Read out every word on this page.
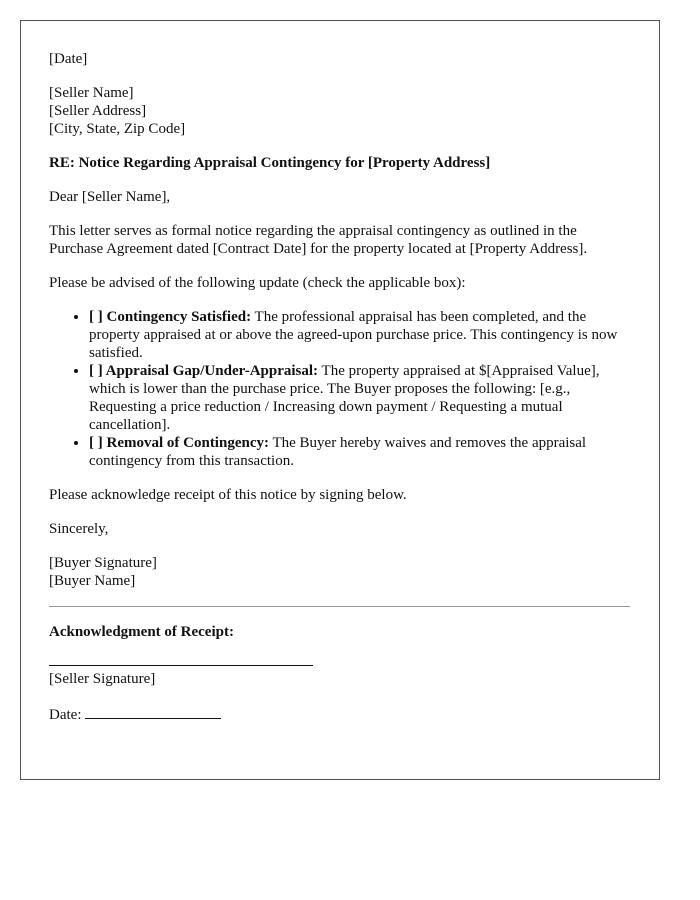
[Date]

[Seller Name]

[Seller Address]

[City, State, Zip Code]

RE: Notice Regarding Appraisal Contingency for [Property Address]

Dear [Seller Name],

This letter serves as formal notice regarding the appraisal contingency as outlined in the Purchase Agreement dated [Contract Date] for the property located at [Property Address].

Please be advised of the following update (check the applicable box):

• [ ] Contingency Satisfied: The professional appraisal has been completed, and the property appraised at or above the agreed-upon purchase price. This contingency is now satisfied.
• [ ] Appraisal Gap/Under-Appraisal: The property appraised at $[Appraised Value], which is lower than the purchase price. The Buyer proposes the following: [e.g., Requesting a price reduction / Increasing down payment / Requesting a mutual cancellation].
• [ ] Removal of Contingency: The Buyer hereby waives and removes the appraisal contingency from this transaction.

Please acknowledge receipt of this notice by signing below.

Sincerely,

[Buyer Signature]

[Buyer Name]

Acknowledgment of Receipt:

[Seller Signature]

Date:
